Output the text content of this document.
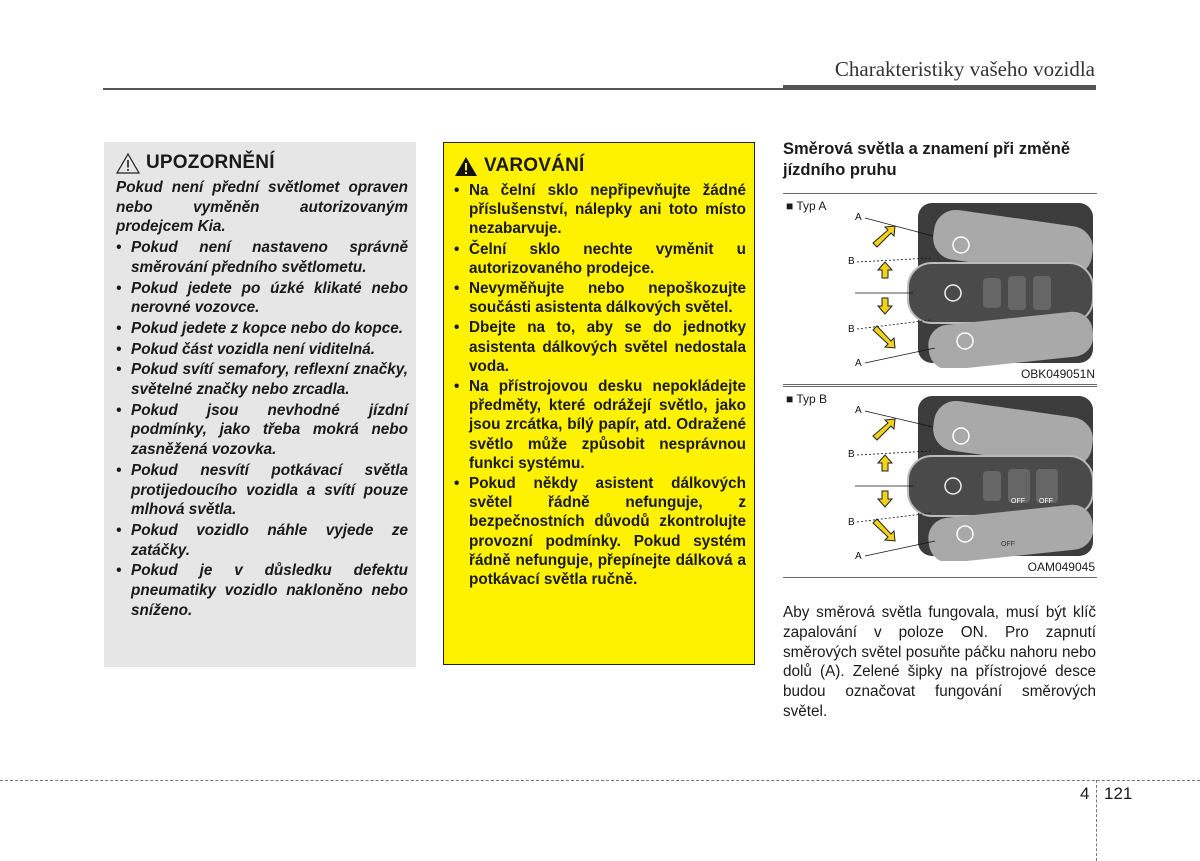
Charakteristiky vašeho vozidla
UPOZORNĚNÍ

Pokud není přední světlomet opraven nebo vyměněn autorizovaným prodejcem Kia.

• Pokud není nastaveno správně směrování předního světlometu.
• Pokud jedete po úzké klikaté nebo nerovné vozovce.
• Pokud jedete z kopce nebo do kopce.
• Pokud část vozidla není viditelná.
• Pokud svítí semafory, reflexní značky, světelné značky nebo zrcadla.
• Pokud jsou nevhodné jízdní podmínky, jako třeba mokrá nebo zasněžená vozovka.
• Pokud nesvítí potkávací světla protijedoucího vozidla a svítí pouze mlhová světla.
• Pokud vozidlo náhle vyjede ze zatáčky.
• Pokud je v důsledku defektu pneumatiky vozidlo nakloněno nebo sníženo.
VAROVÁNÍ
• Na čelní sklo nepřipevňujte žádné příslušenství, nálepky ani toto místo nezabarvuje.
• Čelní sklo nechte vyměnit u autorizovaného prodejce.
• Nevyměňujte nebo nepoškozujte součásti asistenta dálkových světel.
• Dbejte na to, aby se do jednotky asistenta dálkových světel nedostala voda.
• Na přístrojovou desku nepokládejte předměty, které odrážejí světlo, jako jsou zrcátka, bílý papír, atd. Odražené světlo může způsobit nesprávnou funkci systému.
• Pokud někdy asistent dálkových světel řádně nefunguje, z bezpečnostních důvodů zkontrolujte provozní podmínky. Pokud systém řádně nefunguje, přepínejte dálková a potkávací světla ručně.
Směrová světla a znamení při změně jízdního pruhu
■ Typ A
A
B
B
A
OBK049051N
■ Typ B
OFF OFF
OFF
A
B
B
A
OAM049045

Aby směrová světla fungovala, musí být klíč zapalování v poloze ON. Pro zapnutí směrových světel posuňte páčku nahoru nebo dolů (A). Zelené šipky na přístrojové desce budou označovat fungování směrových světel.

4 121
